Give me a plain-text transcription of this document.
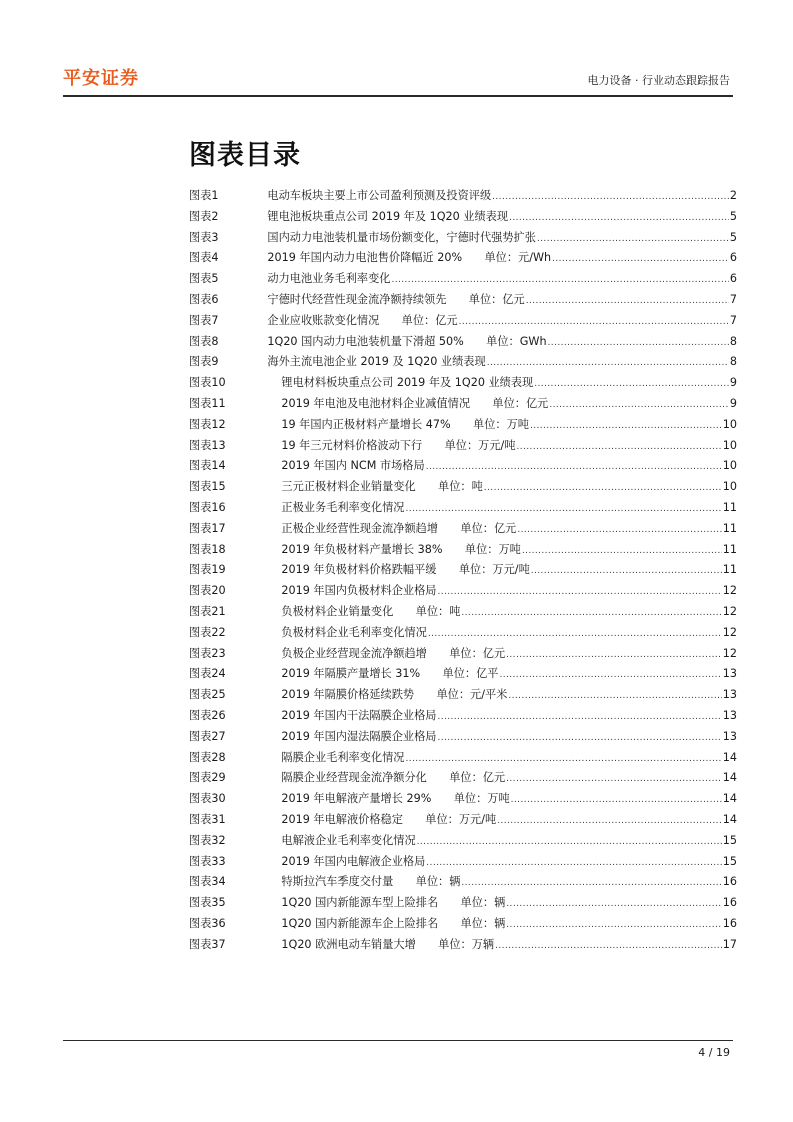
平安证券	电力设备 · 行业动态跟踪报告
图表目录
图表 1	电动车板块主要上市公司盈利预测及投资评级 .....	2
图表 2	锂电池板块重点公司 2019 年及 1Q20 业绩表现 .....	5
图表 3	国内动力电池装机量市场份额变化，宁德时代强势扩张 .....	5
图表 4	2019 年国内动力电池售价降幅近 20%　　单位：元/Wh .....	6
图表 5	动力电池业务毛利率变化 .....	6
图表 6	宁德时代经营性现金流净额持续领先　　单位：亿元 .....	7
图表 7	企业应收账款变化情况　　单位：亿元 .....	7
图表 8	1Q20 国内动力电池装机量下滑超 50%　　单位：GWh .....	8
图表 9	海外主流电池企业 2019 及 1Q20 业绩表现 .....	8
图表 10	锂电材料板块重点公司 2019 年及 1Q20 业绩表现 .....	9
图表 11	2019 年电池及电池材料企业减值情况　　单位：亿元 .....	9
图表 12	19 年国内正极材料产量增长 47%　　单位：万吨 .....	10
图表 13	19 年三元材料价格波动下行　　单位：万元/吨 .....	10
图表 14	2019 年国内 NCM 市场格局 .....	10
图表 15	三元正极材料企业销量变化　　单位：吨 .....	10
图表 16	正极业务毛利率变化情况 .....	11
图表 17	正极企业经营性现金流净额趋增　　单位：亿元 .....	11
图表 18	2019 年负极材料产量增长 38%　　单位：万吨 .....	11
图表 19	2019 年负极材料价格跌幅平缓　　单位：万元/吨 .....	11
图表 20	2019 年国内负极材料企业格局 .....	12
图表 21	负极材料企业销量变化　　单位：吨 .....	12
图表 22	负极材料企业毛利率变化情况 .....	12
图表 23	负极企业经营现金流净额趋增　　单位：亿元 .....	12
图表 24	2019 年隔膜产量增长 31%　　单位：亿平 .....	13
图表 25	2019 年隔膜价格延续跌势　　单位：元/平米 .....	13
图表 26	2019 年国内干法隔膜企业格局 .....	13
图表 27	2019 年国内湿法隔膜企业格局 .....	13
图表 28	隔膜企业毛利率变化情况 .....	14
图表 29	隔膜企业经营现金流净额分化　　单位：亿元 .....	14
图表 30	2019 年电解液产量增长 29%　　单位：万吨 .....	14
图表 31	2019 年电解液价格稳定　　单位：万元/吨 .....	14
图表 32	电解液企业毛利率变化情况 .....	15
图表 33	2019 年国内电解液企业格局 .....	15
图表 34	特斯拉汽车季度交付量　　单位：辆 .....	16
图表 35	1Q20 国内新能源车型上险排名　　单位：辆 .....	16
图表 36	1Q20 国内新能源车企上险排名　　单位：辆 .....	16
图表 37	1Q20 欧洲电动车销量大增　　单位：万辆 .....	17
4 / 19
